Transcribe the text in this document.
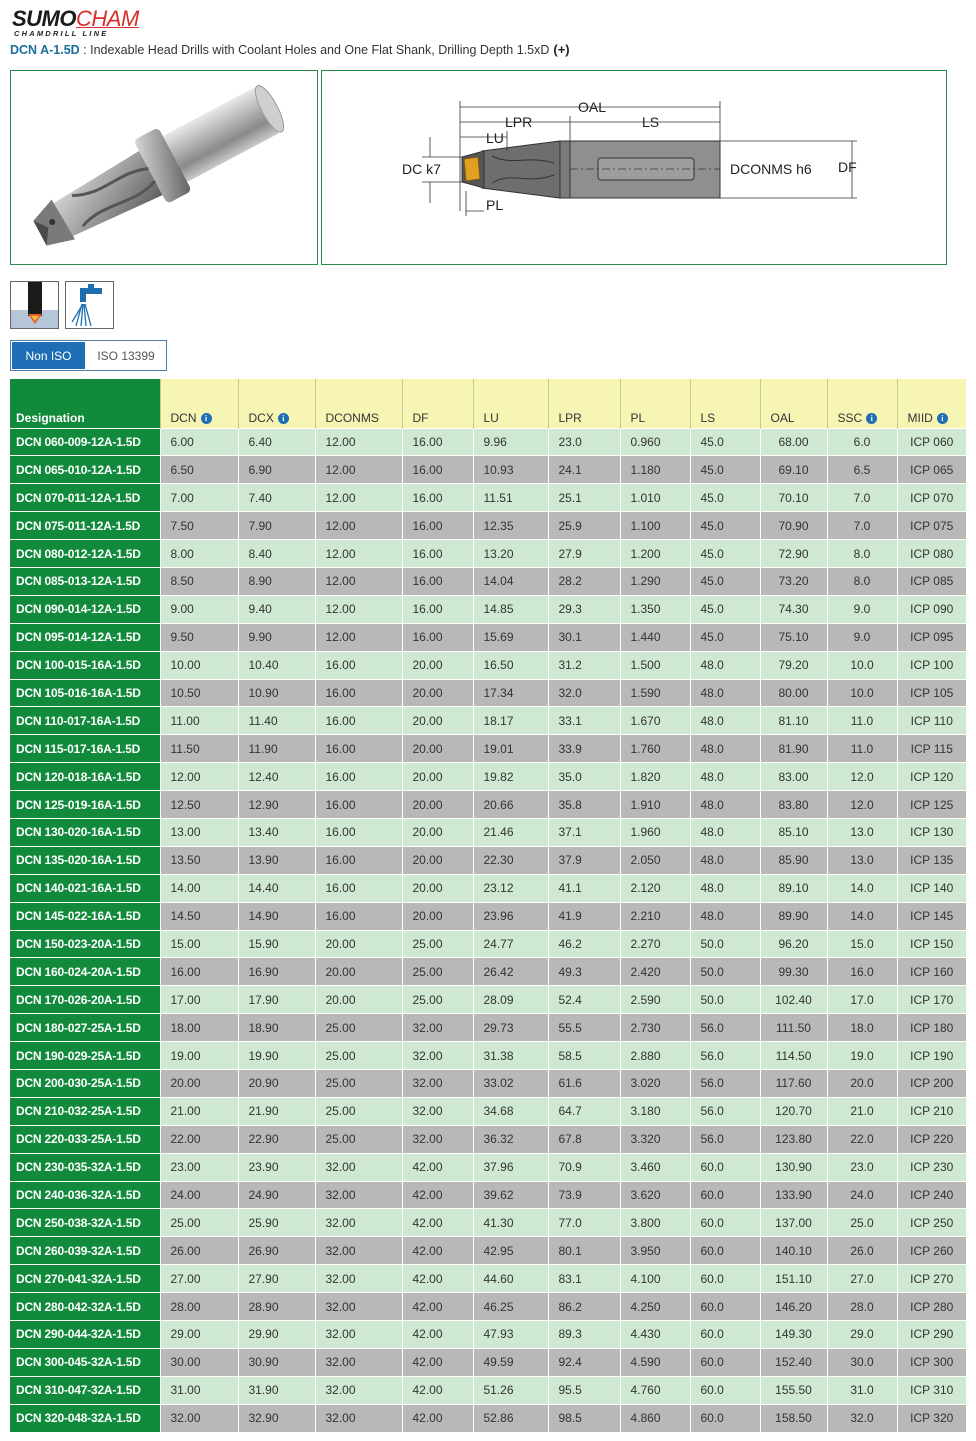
SUMOCHAM
CHAMDRILL LINE
DCN A-1.5D : Indexable Head Drills with Coolant Holes and One Flat Shank, Drilling Depth 1.5xD (+)
OAL
LPR	LS
LU
DC k7	DCONMS h6 DF
PL
Non ISO	ISO 13399
Designation	DCN i	DCX i	DCONMS	DF	LU	LPR	PL	LS	OAL	SSC i	MIID i
DCN 060-009-12A-1.5D	6.00	6.40	12.00	16.00	9.96	23.0	0.960	45.0	68.00	6.0	ICP 060
DCN 065-010-12A-1.5D	6.50	6.90	12.00	16.00	10.93	24.1	1.180	45.0	69.10	6.5	ICP 065
DCN 070-011-12A-1.5D	7.00	7.40	12.00	16.00	11.51	25.1	1.010	45.0	70.10	7.0	ICP 070
DCN 075-011-12A-1.5D	7.50	7.90	12.00	16.00	12.35	25.9	1.100	45.0	70.90	7.0	ICP 075
DCN 080-012-12A-1.5D	8.00	8.40	12.00	16.00	13.20	27.9	1.200	45.0	72.90	8.0	ICP 080
DCN 085-013-12A-1.5D	8.50	8.90	12.00	16.00	14.04	28.2	1.290	45.0	73.20	8.0	ICP 085
DCN 090-014-12A-1.5D	9.00	9.40	12.00	16.00	14.85	29.3	1.350	45.0	74.30	9.0	ICP 090
DCN 095-014-12A-1.5D	9.50	9.90	12.00	16.00	15.69	30.1	1.440	45.0	75.10	9.0	ICP 095
DCN 100-015-16A-1.5D	10.00	10.40	16.00	20.00	16.50	31.2	1.500	48.0	79.20	10.0	ICP 100
DCN 105-016-16A-1.5D	10.50	10.90	16.00	20.00	17.34	32.0	1.590	48.0	80.00	10.0	ICP 105
DCN 110-017-16A-1.5D	11.00	11.40	16.00	20.00	18.17	33.1	1.670	48.0	81.10	11.0	ICP 110
DCN 115-017-16A-1.5D	11.50	11.90	16.00	20.00	19.01	33.9	1.760	48.0	81.90	11.0	ICP 115
DCN 120-018-16A-1.5D	12.00	12.40	16.00	20.00	19.82	35.0	1.820	48.0	83.00	12.0	ICP 120
DCN 125-019-16A-1.5D	12.50	12.90	16.00	20.00	20.66	35.8	1.910	48.0	83.80	12.0	ICP 125
DCN 130-020-16A-1.5D	13.00	13.40	16.00	20.00	21.46	37.1	1.960	48.0	85.10	13.0	ICP 130
DCN 135-020-16A-1.5D	13.50	13.90	16.00	20.00	22.30	37.9	2.050	48.0	85.90	13.0	ICP 135
DCN 140-021-16A-1.5D	14.00	14.40	16.00	20.00	23.12	41.1	2.120	48.0	89.10	14.0	ICP 140
DCN 145-022-16A-1.5D	14.50	14.90	16.00	20.00	23.96	41.9	2.210	48.0	89.90	14.0	ICP 145
DCN 150-023-20A-1.5D	15.00	15.90	20.00	25.00	24.77	46.2	2.270	50.0	96.20	15.0	ICP 150
DCN 160-024-20A-1.5D	16.00	16.90	20.00	25.00	26.42	49.3	2.420	50.0	99.30	16.0	ICP 160
DCN 170-026-20A-1.5D	17.00	17.90	20.00	25.00	28.09	52.4	2.590	50.0	102.40	17.0	ICP 170
DCN 180-027-25A-1.5D	18.00	18.90	25.00	32.00	29.73	55.5	2.730	56.0	111.50	18.0	ICP 180
DCN 190-029-25A-1.5D	19.00	19.90	25.00	32.00	31.38	58.5	2.880	56.0	114.50	19.0	ICP 190
DCN 200-030-25A-1.5D	20.00	20.90	25.00	32.00	33.02	61.6	3.020	56.0	117.60	20.0	ICP 200
DCN 210-032-25A-1.5D	21.00	21.90	25.00	32.00	34.68	64.7	3.180	56.0	120.70	21.0	ICP 210
DCN 220-033-25A-1.5D	22.00	22.90	25.00	32.00	36.32	67.8	3.320	56.0	123.80	22.0	ICP 220
DCN 230-035-32A-1.5D	23.00	23.90	32.00	42.00	37.96	70.9	3.460	60.0	130.90	23.0	ICP 230
DCN 240-036-32A-1.5D	24.00	24.90	32.00	42.00	39.62	73.9	3.620	60.0	133.90	24.0	ICP 240
DCN 250-038-32A-1.5D	25.00	25.90	32.00	42.00	41.30	77.0	3.800	60.0	137.00	25.0	ICP 250
DCN 260-039-32A-1.5D	26.00	26.90	32.00	42.00	42.95	80.1	3.950	60.0	140.10	26.0	ICP 260
DCN 270-041-32A-1.5D	27.00	27.90	32.00	42.00	44.60	83.1	4.100	60.0	151.10	27.0	ICP 270
DCN 280-042-32A-1.5D	28.00	28.90	32.00	42.00	46.25	86.2	4.250	60.0	146.20	28.0	ICP 280
DCN 290-044-32A-1.5D	29.00	29.90	32.00	42.00	47.93	89.3	4.430	60.0	149.30	29.0	ICP 290
DCN 300-045-32A-1.5D	30.00	30.90	32.00	42.00	49.59	92.4	4.590	60.0	152.40	30.0	ICP 300
DCN 310-047-32A-1.5D	31.00	31.90	32.00	42.00	51.26	95.5	4.760	60.0	155.50	31.0	ICP 310
DCN 320-048-32A-1.5D	32.00	32.90	32.00	42.00	52.86	98.5	4.860	60.0	158.50	32.0	ICP 320
